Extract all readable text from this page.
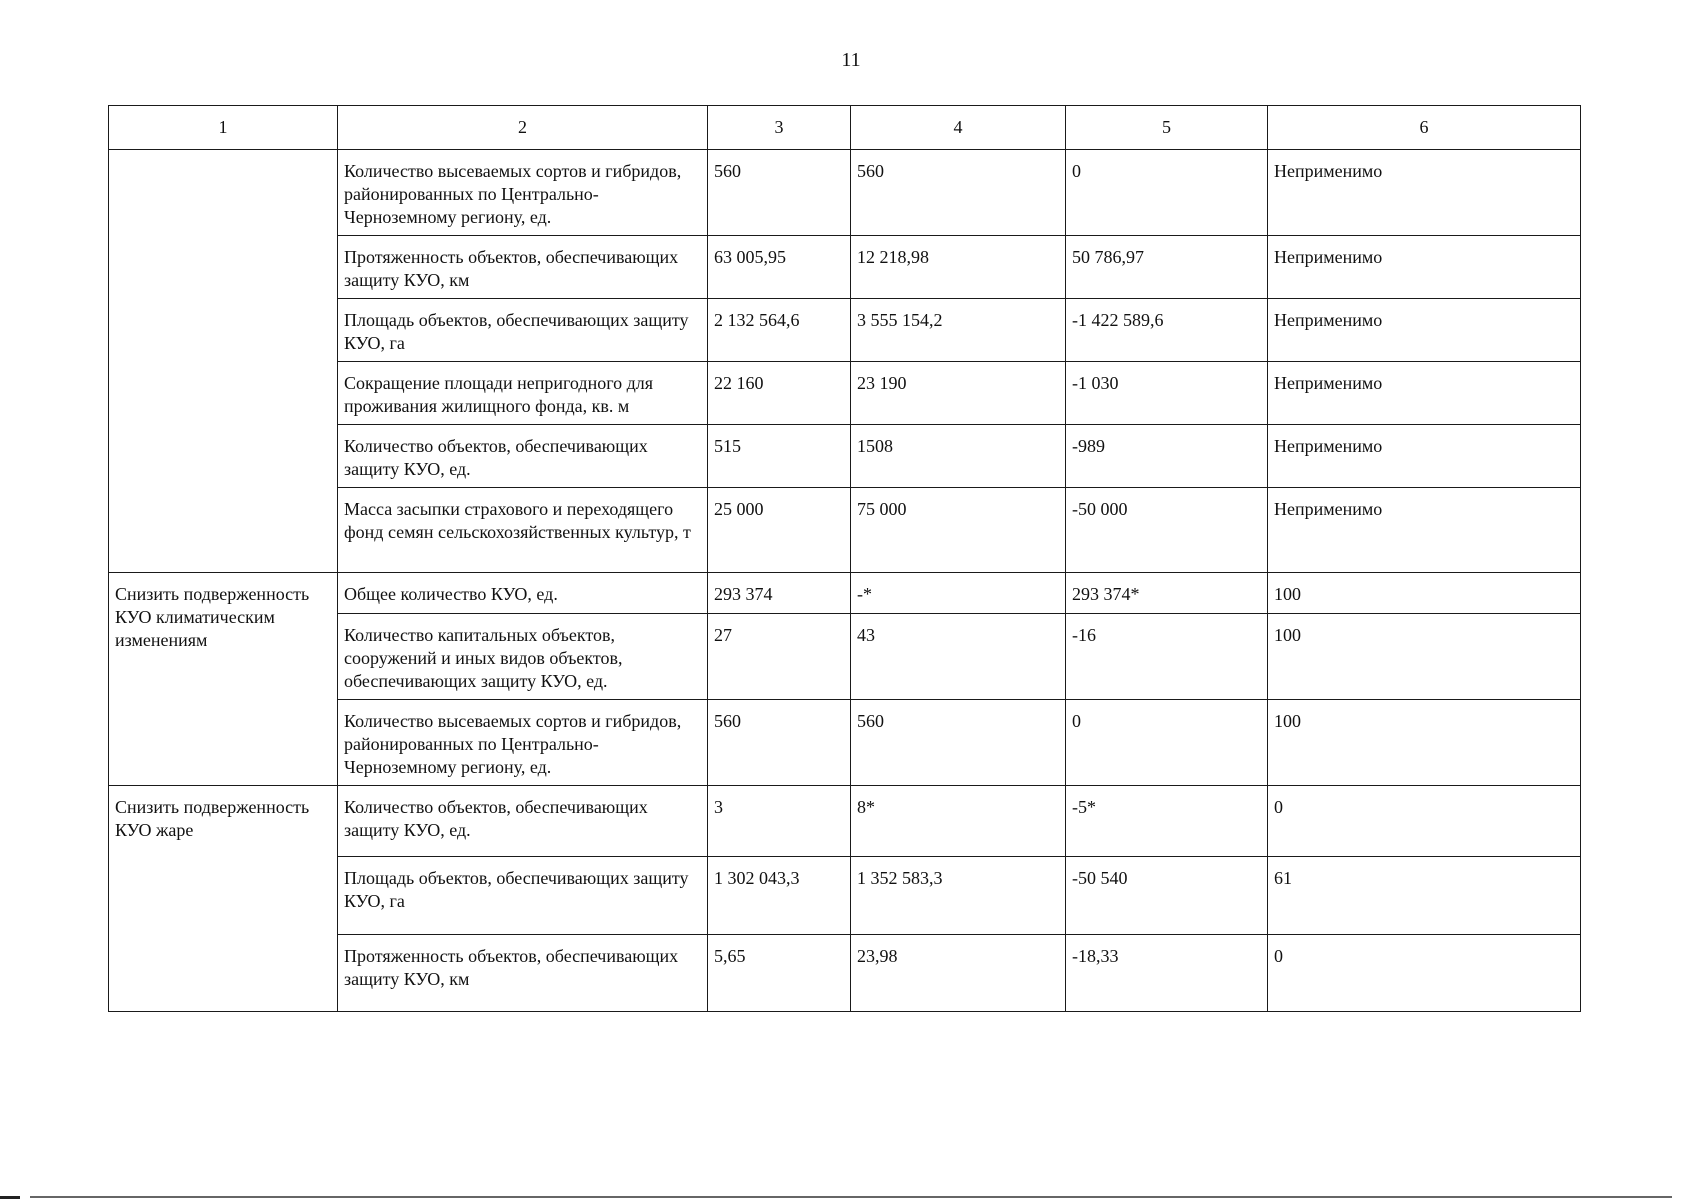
11
1	2	3	4	5	6
	Количество высеваемых сортов и гибридов, районированных по Центрально-Черноземному региону, ед.	560	560	0	Неприменимо
	Протяженность объектов, обеспечивающих защиту КУО, км	63 005,95	12 218,98	50 786,97	Неприменимо
	Площадь объектов, обеспечивающих защиту КУО, га	2 132 564,6	3 555 154,2	-1 422 589,6	Неприменимо
	Сокращение площади непригодного для проживания жилищного фонда, кв. м	22 160	23 190	-1 030	Неприменимо
	Количество объектов, обеспечивающих защиту КУО, ед.	515	1508	-989	Неприменимо
	Масса засыпки страхового и переходящего фонд семян сельскохозяйственных культур, т	25 000	75 000	-50 000	Неприменимо
Снизить подверженность КУО климатическим изменениям	Общее количество КУО, ед.	293 374	-*	293 374*	100
	Количество капитальных объектов, сооружений и иных видов объектов, обеспечивающих защиту КУО, ед.	27	43	-16	100
	Количество высеваемых сортов и гибридов, районированных по Центрально-Черноземному региону, ед.	560	560	0	100
Снизить подверженность КУО жаре	Количество объектов, обеспечивающих защиту КУО, ед.	3	8*	-5*	0
	Площадь объектов, обеспечивающих защиту КУО, га	1 302 043,3	1 352 583,3	-50 540	61
	Протяженность объектов, обеспечивающих защиту КУО, км	5,65	23,98	-18,33	0
